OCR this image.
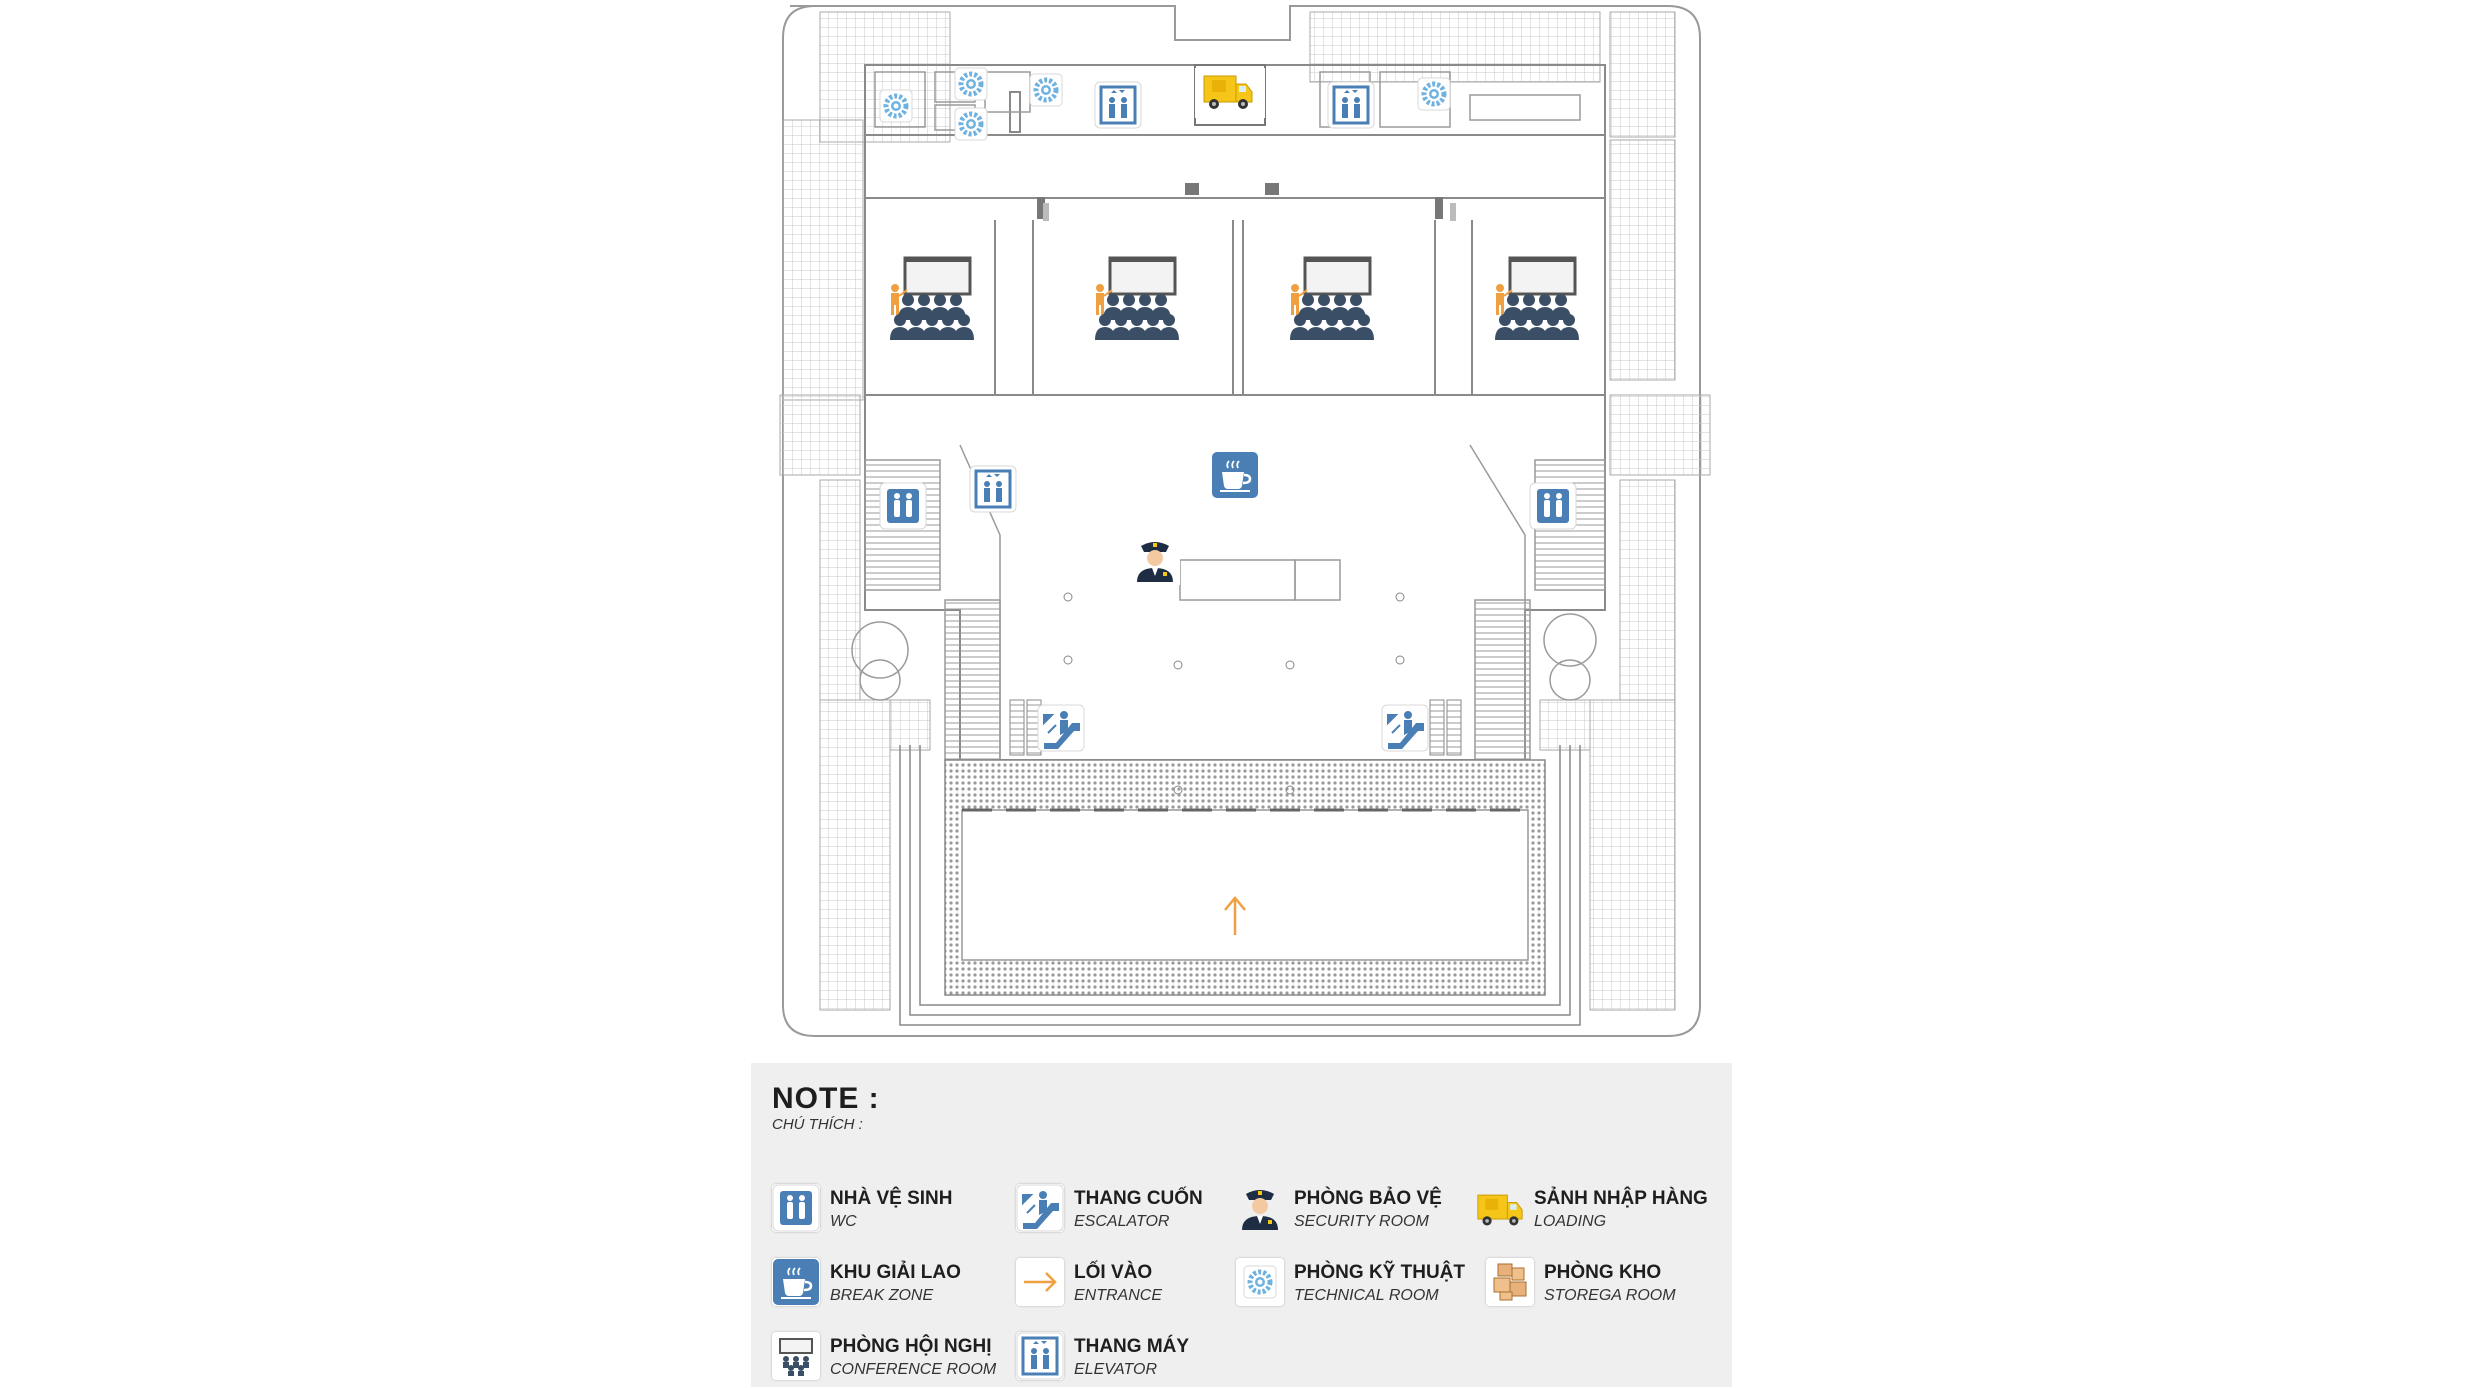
NOTE :
CHÚ THÍCH :
NHÀ VỆ SINH
WC
THANG CUỐN
ESCALATOR
PHÒNG BẢO VỆ
SECURITY ROOM
SẢNH NHẬP HÀNG
LOADING
KHU GIẢI LAO
BREAK ZONE
LỐI VÀO
ENTRANCE
PHÒNG KỸ THUẬT
TECHNICAL ROOM
PHÒNG KHO
STOREGA ROOM
PHÒNG HỘI NGHỊ
CONFERENCE ROOM
THANG MÁY
ELEVATOR
